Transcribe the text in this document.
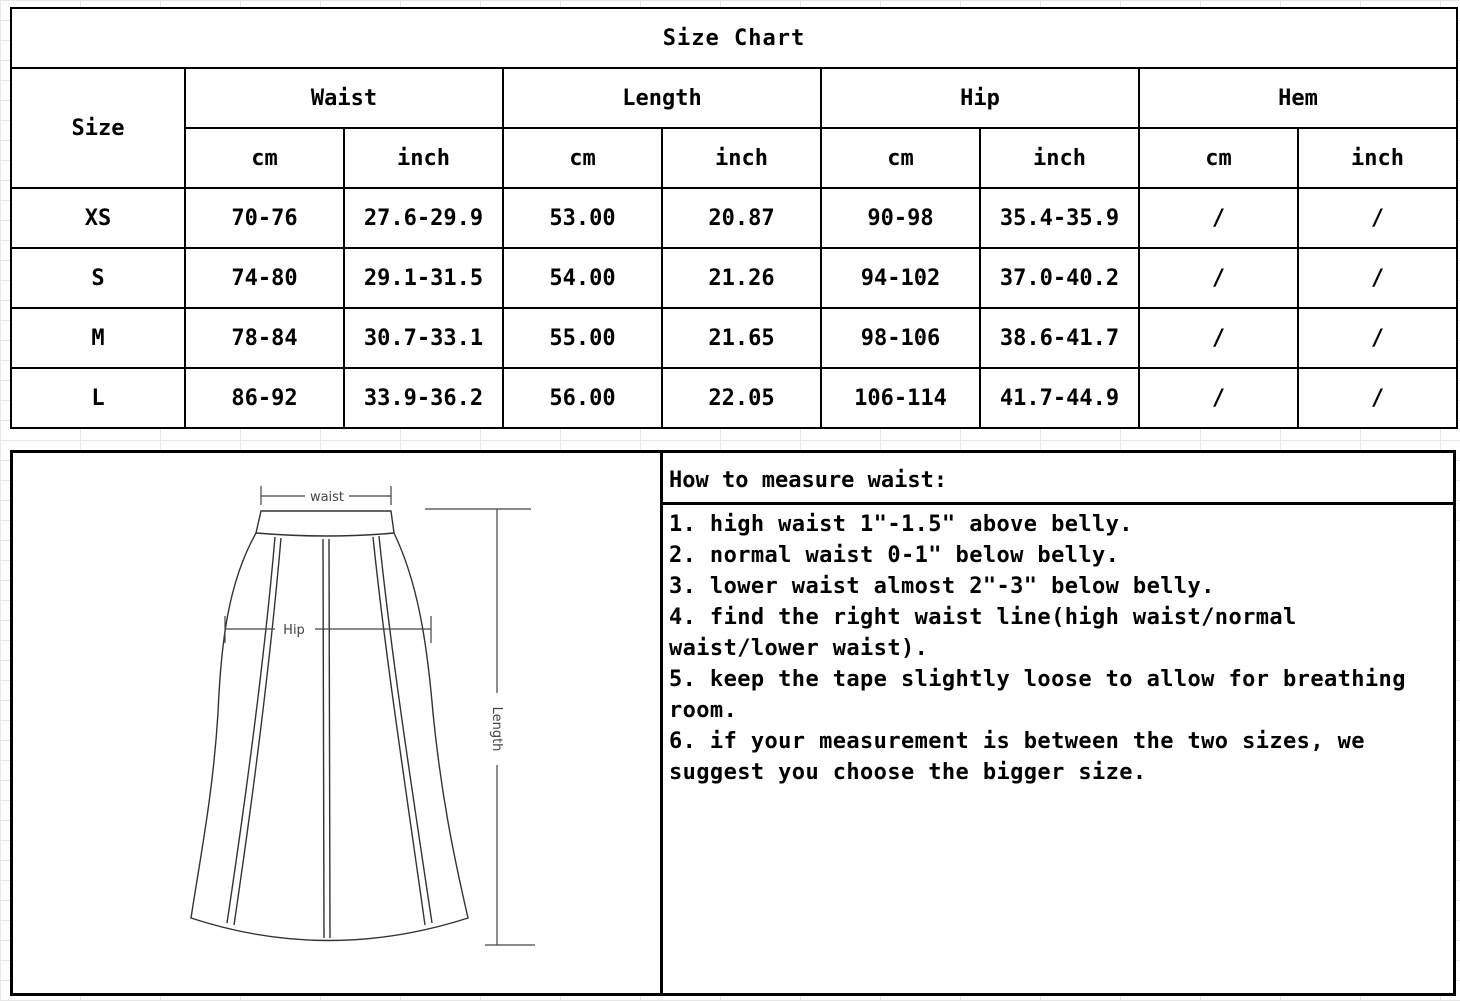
Size Chart								
Size	Waist		Length		Hip		Hem	
	cm	inch	cm	inch	cm	inch	cm	inch
XS	70-76	27.6-29.9	53.00	20.87	90-98	35.4-35.9	/	/
S	74-80	29.1-31.5	54.00	21.26	94-102	37.0-40.2	/	/
M	78-84	30.7-33.1	55.00	21.65	98-106	38.6-41.7	/	/
L	86-92	33.9-36.2	56.00	22.05	106-114	41.7-44.9	/	/
waist
Hip
Length
How to measure waist:
1. high waist 1"-1.5" above belly.
2. normal waist 0-1" below belly.
3. lower waist almost 2"-3" below belly.
4. find the right waist line(high waist/normal waist/lower waist).
5. keep the tape slightly loose to allow for breathing room.
6. if your measurement is between the two sizes, we suggest you choose the bigger size.
